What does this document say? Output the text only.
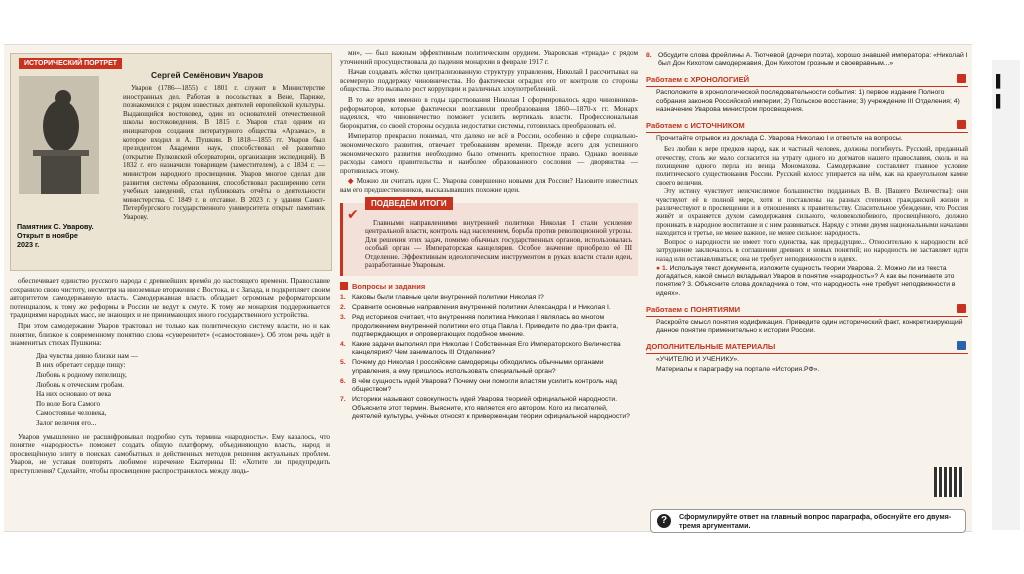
ИСТОРИЧЕСКИЙ ПОРТРЕТ
Памятник С. Уварову. Открыт в ноябре 2023 г.
Сергей Семёнович Уваров

Уваров (1786—1855) с 1801 г. служит в Министерстве иностранных дел. Работая в посольствах в Вене, Париже, познакомился с рядом известных деятелей европейской культуры. Выдающийся востоковед, один из основателей отечественной школы востоковедения. В 1815 г. Уваров стал одним из инициаторов создания литературного общества «Арзамас», в которое входил и А. Пушкин. В 1818—1855 гг. Уваров был президентом Академии наук, способствовал её развитию (открытие Пулковской обсерватории, организация экспедиций). В 1832 г. его назначили товарищем (заместителем), а с 1834 г. — министром народного просвещения. Уваров многое сделал для развития системы образования, способствовал расширению сети учебных заведений, стал публиковать отчёты о деятельности министерства. С 1849 г. в отставке. В 2023 г. у здания Санкт-Петербургского государственного университета открыт памятник Уварову.

обеспечивает единство русского народа с древнейших времён до настоящего времени. Православие сохранило свою чистоту, несмотря на иноземные вторжения с Востока, и с Запада, и подкрепляет своим авторитетом самодержавную власть. Самодержавная власть обладает огромным реформаторским потенциалом, к тому же реформы в России не ведут к смуте. К тому же монархия поддерживается традициями народных масс, не знающих и не принимающих иного государственного устройства.

При этом самодержавие Уваров трактовал не только как политическую систему власти, но и как понятие, близкое к современному понятию слова «суверенитет» («самостояние»). Об этом речь идёт в знаменитых стихах Пушкина:

Два чувства дивно близки нам —
В них обретает сердце пищу:
Любовь к родному пепелищу,
Любовь к отеческим гробам.
На них основано от века
По воле Бога Самого
Самостоянье человека,
Залог величия его...

Уваров умышленно не расшифровывал подробно суть термина «народность». Ему казалось, что понятие «народность» поможет создать общую платформу, объединяющую власть, народ и просвещённую элиту в поисках самобытных и действенных методов решения актуальных проблем. Уваров, не уставая повторять любимое изречение Екатерины II: «Хотите ли предупредить преступления? Сделайте, чтобы просвещение распространялось между людь-

ми», — был важным эффективным политическим орудием. Уваровская «триада» с рядом уточнений просуществовала до падения монархии в феврале 1917 г.

Начав создавать жёстко централизованную структуру управления, Николай I рассчитывал на всемерную поддержку чиновничества. Но фактически оградил его от контроля со стороны общества. Это вызвало рост коррупции и различных злоупотреблений.

В то же время именно в годы царствования Николая I сформировалось ядро чиновников-реформаторов, которые фактически возглавили преобразования 1860—1870-х гг. Монарх надеялся, что чиновничество поможет усилить вертикаль власти. Профессиональная бюрократия, со своей стороны осудила недостатки системы, готовилась преобразовать её.

Император прекрасно понимал, что далеко не всё в России, особенно в сфере социально-экономического развития, отвечает требованиям времени. Прежде всего для успешного экономического развития необходимо было отменить крепостное право. Однако военные расходы самого правительства и наиболее образованного сословия — дворянства — противилась этому.

◆ Можно ли считать идеи С. Уварова совершенно новыми для России? Назовите известных вам его предшественников, высказывавших похожие идеи.

✔
ПОДВЕДЁМ ИТОГИ

Главными направлениями внутренней политики Николая I стали усиление центральной власти, контроль над населением, борьба против революционной угрозы. Для решения этих задач, помимо обычных государственных органов, использовалась особый орган — Императорская канцелярия. Особое значение приобрело её III Отделение. Эффективным идеологическим инструментом в руках власти стали идеи, разработанные Уваровым.

Вопросы и задания
1. Каковы были главные цели внутренней политики Николая I?
2. Сравните основные направления внутренней политики Александра I и Николая I.
3. Ряд историков считает, что внутренняя политика Николая I являлась во многом продолжением внутренней политики его отца Павла I. Приведите по два-три факта, подтверждающих и опровергающих подобное мнение.
4. Какие задачи выполнял при Николае I Собственная Его Императорского Величества канцелярия? Чем занималось III Отделение?
5. Почему до Николая I российские самодержцы обходились обычными органами управления, а ему пришлось использовать специальный орган?
6. В чём сущность идей Уварова? Почему они помогли властям усилить контроль над обществом?
7. Историки называют совокупность идей Уварова теорией официальной народности. Объясните этот термин. Выясните, кто является его автором. Кого из писателей, деятелей культуры, учёных относят к приверженцам теории официальной народности?
8. Обсудите слова фрейлины А. Тютчевой (дочери поэта), хорошо знавшей императора: «Николай I был Дон Кихотом самодержавия, Дон Кихотом грозным и своевравным...»
Работаем с ХРОНОЛОГИЕЙ
Расположите в хронологической последовательности события: 1) первое издание Полного собрания законов Российской империи; 2) Польское восстание; 3) учреждение III Отделения; 4) назначение Уварова министром просвещения.
Работаем с ИСТОЧНИКОМ
Прочитайте отрывок из доклада С. Уварова Николаю I и ответьте на вопросы.

Без любви к вере предков народ, как и частный человек, должны погибнуть. Русский, преданный отечеству, столь же мало согласится на утрату одного из догматов нашего православия, сколь и на похищение одного перла из венца Мономахова. Самодержавие составляет главное условие политического существования России. Русский колосс упирается на нём, как на краеугольном камне своего величия.

Эту истину чувствует неисчислимое большинство подданных В. В. [Вашего Величества]: они чувствуют её в полной мере, хотя и поставлены на разных степенях гражданской жизни и различествуют в просвещении и в отношениях к правительству. Спасительное убеждение, что Россия живёт и охраняется духом самодержавия сильного, человеколюбивого, просвещённого, должно проникать в народное воспитание и с ним развиваться. Наряду с этими двумя национальными началами находится и третье, не менее важное, не менее сильное: народность.

Вопрос о народности не имеет того единства, как предыдущие... Относительно к народности всё затруднение заключалось в соглашении древних и новых понятий; но народность не заставляет идти назад или останавливаться; она не требует неподвижности в идеях.

● 1. Используя текст документа, изложите сущность теории Уварова. 2. Можно ли из текста догадаться, какой смысл вкладывал Уваров в понятие «народность»? А как вы понимаете это понятие? 3. Объясните слова докладчика о том, что народность «не требует неподвижности в идеях».
Работаем с ПОНЯТИЯМИ
Раскройте смысл понятия кодификация. Приведите один исторический факт, конкретизирующий данное понятие применительно к истории России.
ДОПОЛНИТЕЛЬНЫЕ МАТЕРИАЛЫ
«УЧИТЕЛЮ И УЧЕНИКУ».
Материалы к параграфу на портале «История.РФ».
?	Сформулируйте ответ на главный вопрос параграфа, обоснуйте его двумя-тремя аргументами.
▌
▌
